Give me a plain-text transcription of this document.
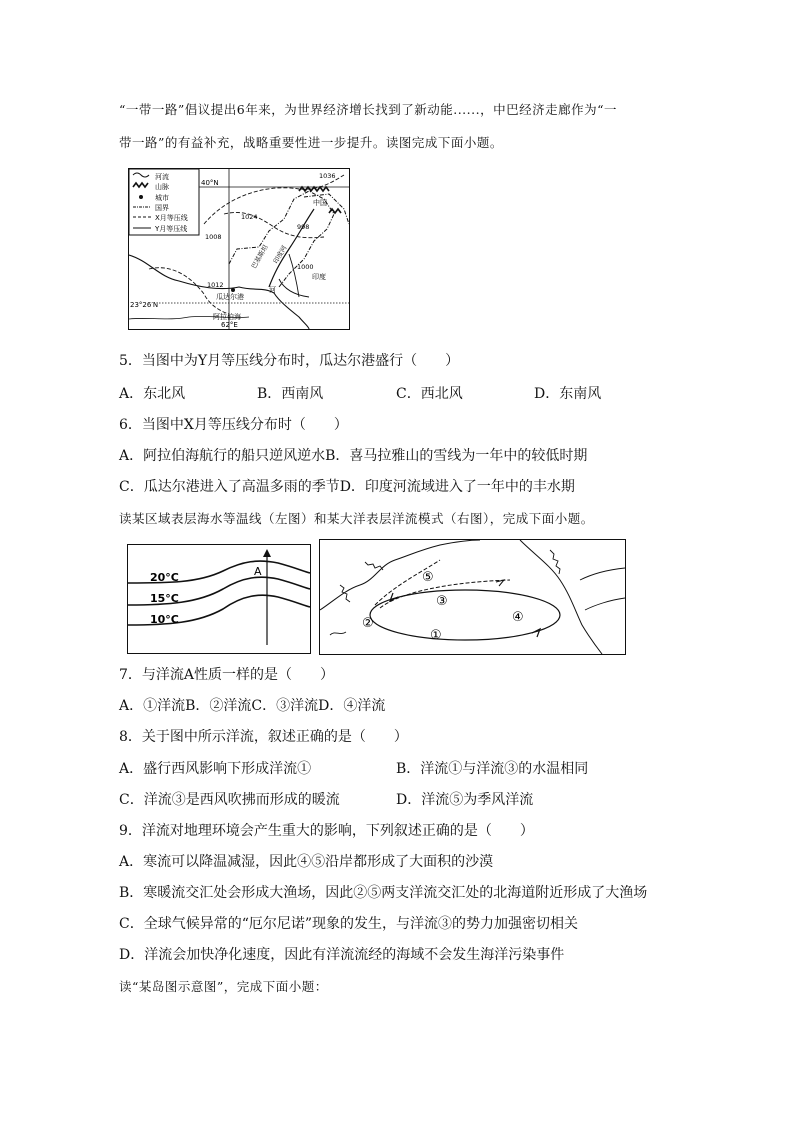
“一带一路”倡议提出6年来，为世界经济增长找到了新动能......，中巴经济走廊作为“一
带一路”的有益补充，战略重要性进一步提升。读图完成下面小题。
河流
山脉
城市
国界
X月等压线
Y月等压线
40°N
23°26′N
1036
1024
1008
1012
998
1000
中国
印度
河
印度河
巴基斯坦
瓜达尔港
阿拉伯海
62°E
5．当图中为Y月等压线分布时，瓜达尔港盛行（　　）
A．东北风	B．西南风	C．西北风	D．东南风
6．当图中X月等压线分布时（　　）
A．阿拉伯海航行的船只逆风逆水B．喜马拉雅山的雪线为一年中的较低时期
C．瓜达尔港进入了高温多雨的季节D．印度河流域进入了一年中的丰水期
读某区域表层海水等温线（左图）和某大洋表层洋流模式（右图），完成下面小题。
20°C
15°C
10°C
A
①
②
③
④
⑤
7．与洋流A性质一样的是（　　）
A．①洋流B．②洋流C．③洋流D．④洋流
8．关于图中所示洋流，叙述正确的是（　　）
A．盛行西风影响下形成洋流①	B．洋流①与洋流③的水温相同
C．洋流③是西风吹拂而形成的暖流	D．洋流⑤为季风洋流
9．洋流对地理环境会产生重大的影响，下列叙述正确的是（　　）
A．寒流可以降温减湿，因此④⑤沿岸都形成了大面积的沙漠
B．寒暖流交汇处会形成大渔场，因此②⑤两支洋流交汇处的北海道附近形成了大渔场
C．全球气候异常的“厄尔尼诺”现象的发生，与洋流③的势力加强密切相关
D．洋流会加快净化速度，因此有洋流流经的海域不会发生海洋污染事件
读“某岛图示意图”，完成下面小题：
